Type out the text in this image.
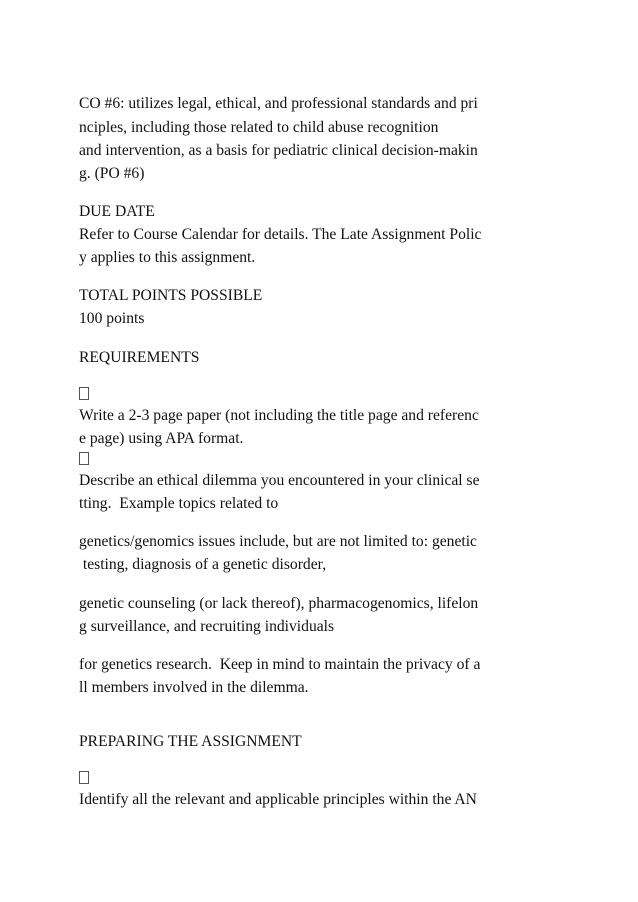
CO #6: utilizes legal, ethical, and professional standards and pri

nciples, including those related to child abuse recognition

and intervention, as a basis for pediatric clinical decision-makin

g. (PO #6)

DUE DATE

Refer to Course Calendar for details. The Late Assignment Polic

y applies to this assignment.

TOTAL POINTS POSSIBLE

100 points

REQUIREMENTS

Write a 2-3 page paper (not including the title page and referenc

e page) using APA format.

Describe an ethical dilemma you encountered in your clinical se

tting.  Example topics related to

genetics/genomics issues include, but are not limited to: genetic

testing, diagnosis of a genetic disorder,

genetic counseling (or lack thereof), pharmacogenomics, lifelon

g surveillance, and recruiting individuals

for genetics research.  Keep in mind to maintain the privacy of a

ll members involved in the dilemma.

PREPARING THE ASSIGNMENT

Identify all the relevant and applicable principles within the AN
